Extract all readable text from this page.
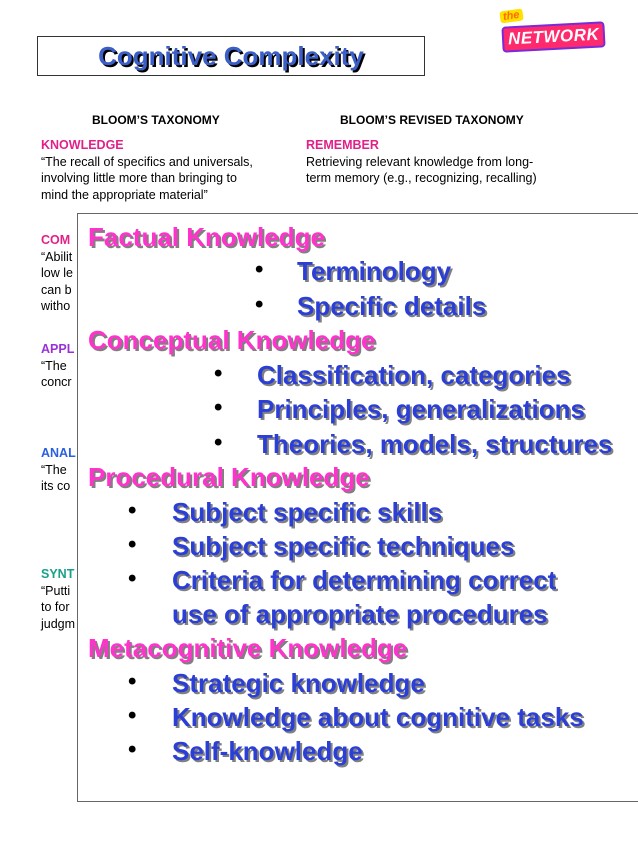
Cognitive Complexity
the
NETWORK
BLOOM’S TAXONOMY	BLOOM’S REVISED TAXONOMY
KNOWLEDGE
“The recall of specifics and universals,
involving little more than bringing to
mind the appropriate material”
REMEMBER
Retrieving relevant knowledge from long-
term memory (e.g., recognizing, recalling)
COM
“Abilit
low le
can b
witho
APPL
“The
concr
ANAL
“The
its co
SYNT
“Putti
to for
judgm
Factual Knowledge
• Terminology
• Specific details
Conceptual Knowledge
• Classification, categories
• Principles, generalizations
• Theories, models, structures
Procedural Knowledge
• Subject specific skills
• Subject specific techniques
• Criteria for determining correct
use of appropriate procedures
Metacognitive Knowledge
• Strategic knowledge
• Knowledge about cognitive tasks
• Self-knowledge
